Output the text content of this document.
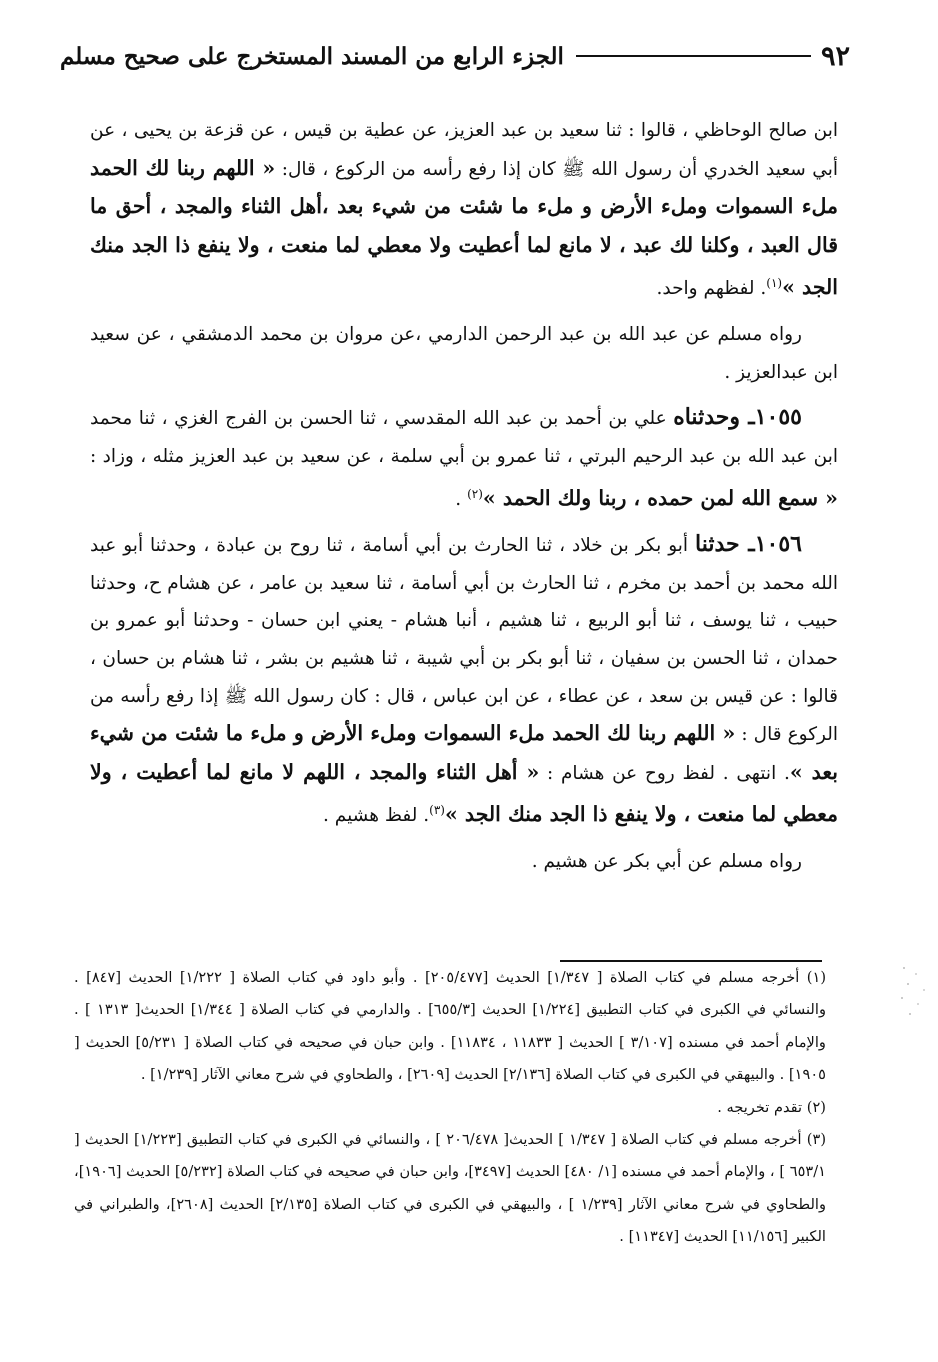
٩٢
الجزء الرابع من المسند المستخرج على صحيح مسلم

ابن صالح الوحاظي ، قالوا : ثنا سعيد بن عبد العزيز، عن عطية بن قيس ، عن قزعة بن يحيى ، عن أبي سعيد الخدري أن رسول الله ﷺ كان إذا رفع رأسه من الركوع ، قال: « اللهم ربنا لك الحمد ملء السموات وملء الأرض و ملء ما شئت من شيء بعد ،أهل الثناء والمجد ، أحق ما قال العبد ، وكلنا لك عبد ، لا مانع لما أعطيت ولا معطي لما منعت ، ولا ينفع ذا الجد منك الجد »$^{(١)}$. لفظهم واحد.

رواه مسلم عن عبد الله بن عبد الرحمن الدارمي ،عن مروان بن محمد الدمشقي ، عن سعيد ابن عبدالعزيز .

١٠٥٥ـ وحدثناه علي بن أحمد بن عبد الله المقدسي ، ثنا الحسن بن الفرج الغزي ، ثنا محمد ابن عبد الله بن عبد الرحيم البرتي ، ثنا عمرو بن أبي سلمة ، عن سعيد بن عبد العزيز مثله ، وزاد : « سمع الله لمن حمده ، ربنا ولك الحمد »$^{(٢)}$ .

١٠٥٦ـ حدثنا أبو بكر بن خلاد ، ثنا الحارث بن أبي أسامة ، ثنا روح بن عبادة ، وحدثنا أبو عبد الله محمد بن أحمد بن مخرم ، ثنا الحارث بن أبي أسامة ، ثنا سعيد بن عامر ، عن هشام ح، وحدثنا حبيب ، ثنا يوسف ، ثنا أبو الربيع ، ثنا هشيم ، أنبا هشام - يعني ابن حسان - وحدثنا أبو عمرو بن حمدان ، ثنا الحسن بن سفيان ، ثنا أبو بكر بن أبي شيبة ، ثنا هشيم بن بشر ، ثنا هشام بن حسان ، قالوا : عن قيس بن سعد ، عن عطاء ، عن ابن عباس ، قال : كان رسول الله ﷺ إذا رفع رأسه من الركوع قال : « اللهم ربنا لك الحمد ملء السموات وملء الأرض و ملء ما شئت من شيء بعد ». انتهى . لفظ روح عن هشام : « أهل الثناء والمجد ، اللهم لا مانع لما أعطيت ، ولا معطي لما منعت ، ولا ينفع ذا الجد منك الجد »$^{(٣)}$. لفظ هشيم .

رواه مسلم عن أبي بكر عن هشيم .

(١) أخرجه مسلم في كتاب الصلاة [ ١/٣٤٧] الحديث [٢٠٥/٤٧٧] . وأبو داود في كتاب الصلاة [ ١/٢٢٢] الحديث [٨٤٧] . والنسائي في الكبرى في كتاب التطبيق [١/٢٢٤] الحديث [٦٥٥/٣] . والدارمي في كتاب الصلاة [ ١/٣٤٤] الحديث[ ١٣١٣ ] . والإمام أحمد في مسنده [٣/١٠٧ ] الحديث [ ١١٨٣٣ ، ١١٨٣٤] . وابن حبان في صحيحه في كتاب الصلاة [ ٥/٢٣١] الحديث [ ١٩٠٥] . والبيهقي في الكبرى في كتاب الصلاة [٢/١٣٦] الحديث [٢٦٠٩] ، والطحاوي في شرح معاني الآثار [١/٢٣٩] .

(٢) تقدم تخريجه .

(٣) أخرجه مسلم في كتاب الصلاة [ ١/٣٤٧ ] الحديث[ ٢٠٦/٤٧٨ ] ، والنسائي في الكبرى في كتاب التطبيق [١/٢٢٣] الحديث [ ٦٥٣/١ ] ، والإمام أحمد في مسنده [١/ ٤٨٠] الحديث [٣٤٩٧]، وابن حبان في صحيحه في كتاب الصلاة [٥/٢٣٢] الحديث [١٩٠٦]، والطحاوي في شرح معاني الآثار [١/٢٣٩ ] ، والبيهقي في الكبرى في كتاب الصلاة [٢/١٣٥] الحديث [٢٦٠٨]، والطبراني في الكبير [١١/١٥٦] الحديث [١١٣٤٧] .
